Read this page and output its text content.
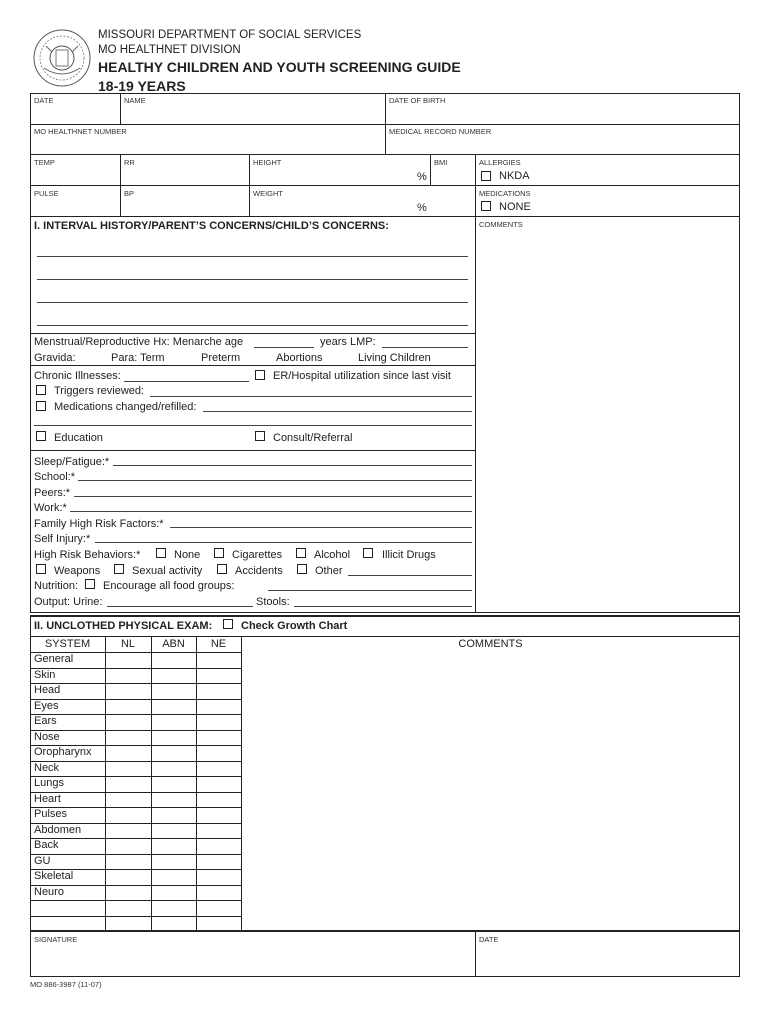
MISSOURI DEPARTMENT OF SOCIAL SERVICES
MO HEALTHNET DIVISION
HEALTHY CHILDREN AND YOUTH SCREENING GUIDE
18-19 YEARS
DATE	NAME	DATE OF BIRTH
MO HEALTHNET NUMBER	MEDICAL RECORD NUMBER
TEMP	RR	HEIGHT	BMI	ALLERGIES
%	NKDA
PULSE	BP	WEIGHT	MEDICATIONS
%	NONE
COMMENTS
I. INTERVAL HISTORY/PARENT’S CONCERNS/CHILD’S CONCERNS:
Menstrual/Reproductive Hx: Menarche age	years LMP:
Gravida:	Para: Term	Preterm	Abortions	Living Children
Chronic Illnesses:	ER/Hospital utilization since last visit
Triggers reviewed:
Medications changed/refilled:
Education	Consult/Referral
Sleep/Fatigue:*
School:*
Peers:*
Work:*
Family High Risk Factors:*
Self Injury:*
High Risk Behaviors:*	None	Cigarettes	Alcohol	Illicit Drugs
Weapons	Sexual activity	Accidents	Other
Nutrition: Encourage all food groups:
Output: Urine:	Stools:
II. UNCLOTHED PHYSICAL EXAM:	Check Growth Chart
SYSTEM	NL	ABN	NE	COMMENTS
General
Skin
Head
Eyes
Ears
Nose
Oropharynx
Neck
Lungs
Heart
Pulses
Abdomen
Back
GU
Skeletal
Neuro
SIGNATURE	DATE
MO 886-3987 (11-07)
